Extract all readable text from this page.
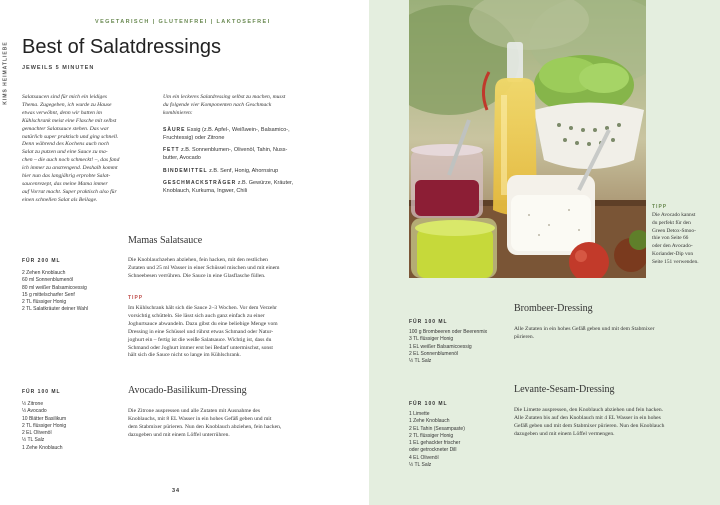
KIMS HEIMATLIEBE
VEGETARISCH | GLUTENFREI | LAKTOSEFREI
Best of Salatdressings
JEWEILS 5 MINUTEN
Salatsaucen sind für mich ein leidiges
Thema. Zugegeben, ich wurde zu Hause
etwas verwöhnt, denn wir hatten im
Kühlschrank meist eine Flasche mit selbst
gemachter Salatsauce stehen. Das war
natürlich super praktisch und ging schnell.
Denn während des Kochens auch noch
Salat zu putzen und eine Sauce zu ma-
chen – die auch noch schmeckt! –, das fand
ich immer zu anstrengend. Deshalb kommt
hier nun das langjährig erprobte Salat-
saucenrezept, das meine Mama immer
auf Vorrat macht. Super praktisch also für
einen schnellen Salat als Beilage.
Um ein leckeres Salatdressing selbst zu machen, musst
du folgende vier Komponenten nach Geschmack
kombinieren:
SÄURE Essig (z.B. Apfel-, Weißwein-, Balsamico-,
Fruchtessig) oder Zitrone
FETT z.B. Sonnenblumen-, Olivenöl, Tahin, Nuss-
butter, Avocado
BINDEMITTEL z.B. Senf, Honig, Ahornsirup
GESCHMACKSTRÄGER z.B. Gewürze, Kräuter,
Knoblauch, Kurkuma, Ingwer, Chili
Mamas Salatsauce
FÜR 200 ML
2 Zehen Knoblauch
60 ml Sonnenblumenöl
80 ml weißer Balsamicoessig
15 g mittelscharfer Senf
2 TL flüssiger Honig
2 TL Salatkräuter deiner Wahl
Die Knoblauchzehen abziehen, fein hacken, mit den restlichen
Zutaten und 25 ml Wasser in einer Schüssel mischen und mit einem
Schneebesen verrühren. Die Sauce in eine Glasflasche füllen.
TIPP
Im Kühlschrank hält sich die Sauce 2–3 Wochen. Vor dem Verzehr
vorsichtig schütteln. Sie lässt sich auch ganz einfach zu einer
Joghurtsauce abwandeln. Dazu gibst du eine beliebige Menge vom
Dressing in eine Schüssel und rührst etwas Schmand oder Natur-
joghurt ein – fertig ist die weiße Salatsauce. Wichtig ist, dass du
Schmand oder Joghurt immer erst bei Bedarf untermischst, sonst
hält sich die Sauce nicht so lange im Kühlschrank.
Avocado-Basilikum-Dressing
FÜR 100 ML
½ Zitrone
½ Avocado
10 Blätter Basilikum
2 TL flüssiger Honig
2 EL Olivenöl
½ TL Salz
1 Zehe Knoblauch
Die Zitrone auspressen und alle Zutaten mit Ausnahme des
Knoblauchs, mit 8 EL Wasser in ein hohes Gefäß geben und mit
dem Stabmixer pürieren. Nun den Knoblauch abziehen, fein hacken,
dazugeben und mit einem Löffel unterrühren.
34
TIPP
Die Avocado kannst
du perfekt für den
Green Detox-Smoo-
thie von Seite 66
oder den Avocado-
Koriander-Dip von
Seite 151 verwenden.
Brombeer-Dressing
FÜR 100 ML
100 g Brombeeren oder Beerenmix
3 TL flüssiger Honig
1 EL weißer Balsamicoessig
2 EL Sonnenblumenöl
½ TL Salz
Alle Zutaten in ein hohes Gefäß geben und mit dem Stabmixer
pürieren.
Levante-Sesam-Dressing
FÜR 100 ML
1 Limette
1 Zehe Knoblauch
2 EL Tahin (Sesampaste)
2 TL flüssiger Honig
1 EL gehackter frischer
oder getrockneter Dill
4 EL Olivenöl
½ TL Salz
Die Limette auspressen, den Knoblauch abziehen und fein hacken.
Alle Zutaten bis auf den Knoblauch mit 4 EL Wasser in ein hohes
Gefäß geben und mit dem Stabmixer pürieren. Nun den Knoblauch
dazugeben und mit einem Löffel vermengen.
